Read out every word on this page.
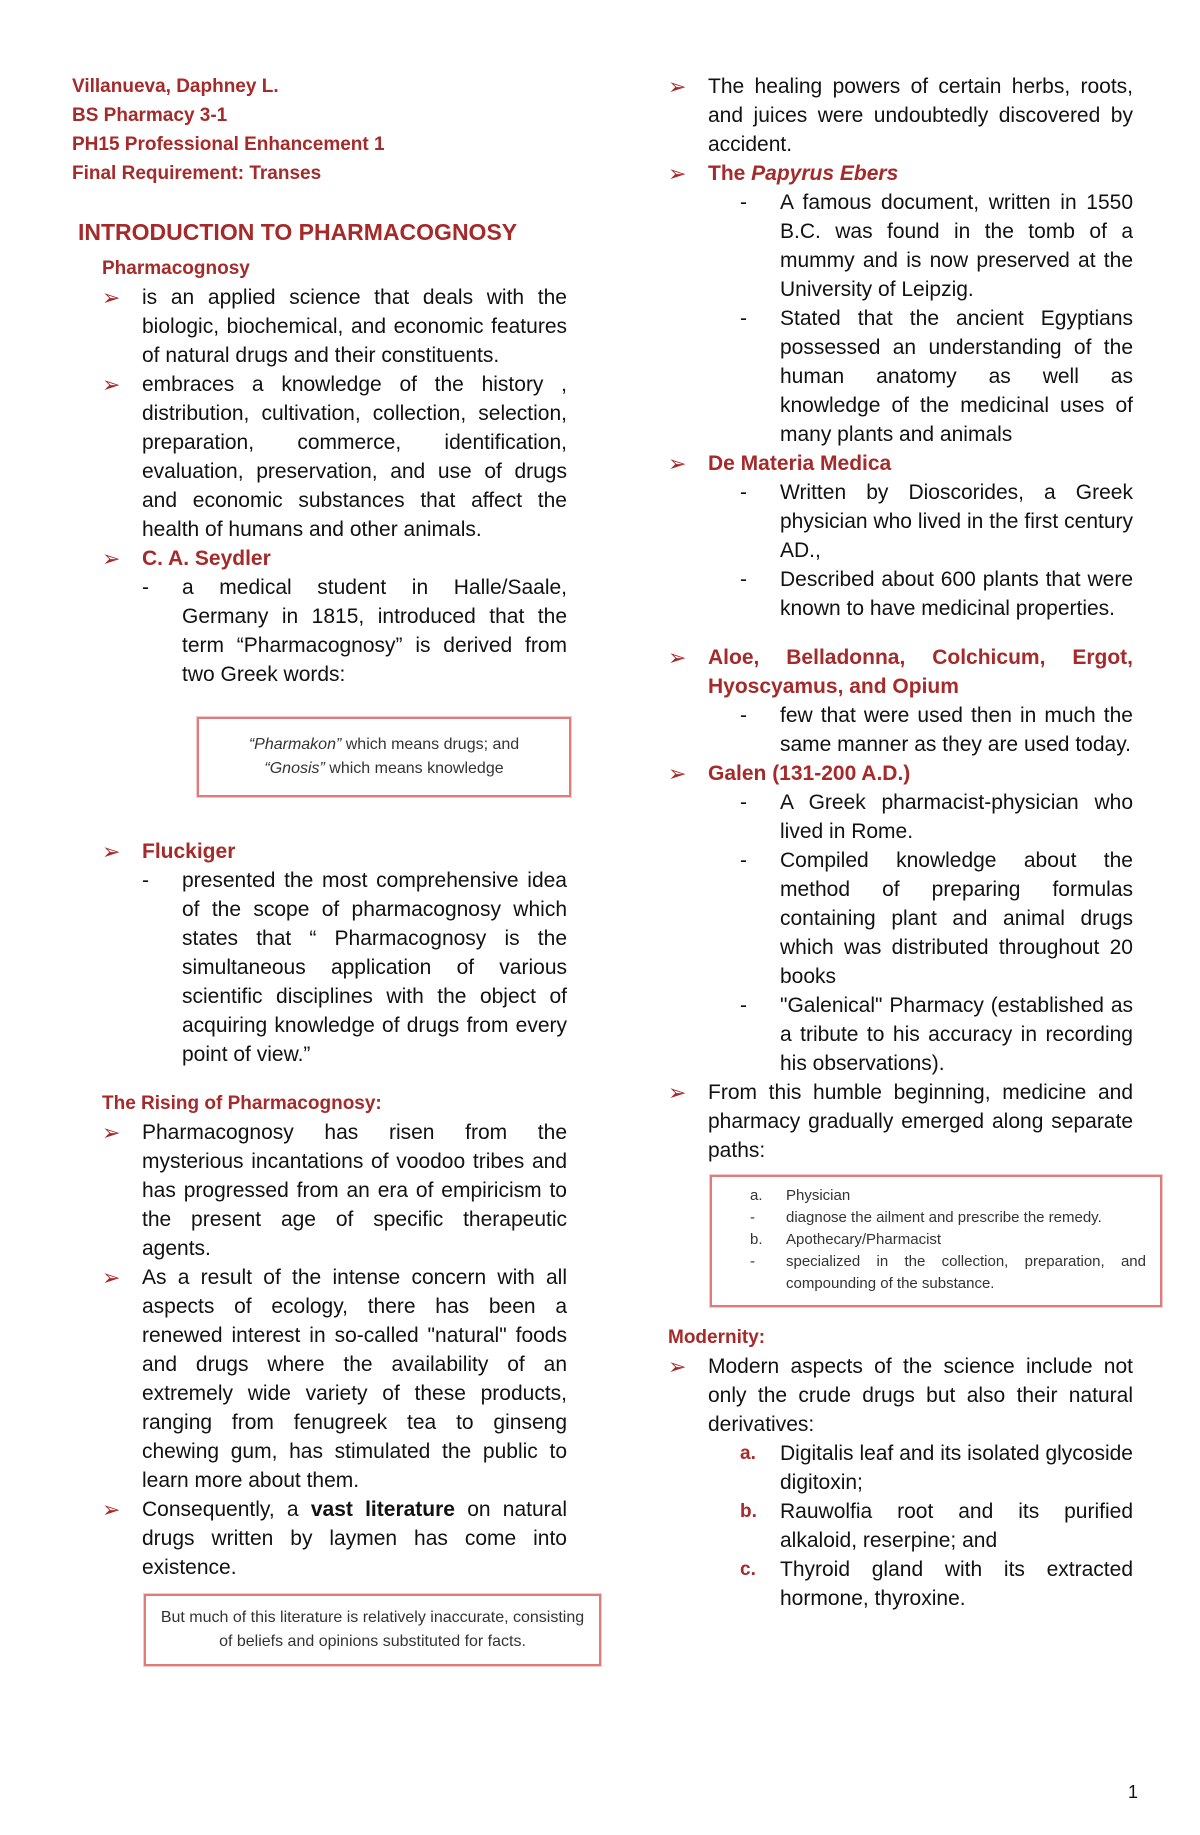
Villanueva, Daphney L.
BS Pharmacy 3-1
PH15 Professional Enhancement 1
Final Requirement: Transes
INTRODUCTION TO PHARMACOGNOSY
Pharmacognosy
➢ is an applied science that deals with the biologic, biochemical, and economic features of natural drugs and their constituents.
➢ embraces a knowledge of the history , distribution, cultivation, collection, selection, preparation, commerce, identification, evaluation, preservation, and use of drugs and economic substances that affect the health of humans and other animals.
➢ C. A. Seydler
- a medical student in Halle/Saale, Germany in 1815, introduced that the term “Pharmacognosy” is derived from two Greek words:
“Pharmakon” which means drugs; and
“Gnosis” which means knowledge
➢ Fluckiger
- presented the most comprehensive idea of the scope of pharmacognosy which states that “ Pharmacognosy is the simultaneous application of various scientific disciplines with the object of acquiring knowledge of drugs from every point of view.”
The Rising of Pharmacognosy:
➢ Pharmacognosy has risen from the mysterious incantations of voodoo tribes and has progressed from an era of empiricism to the present age of specific therapeutic agents.
➢ As a result of the intense concern with all aspects of ecology, there has been a renewed interest in so-called "natural" foods and drugs where the availability of an extremely wide variety of these products, ranging from fenugreek tea to ginseng chewing gum, has stimulated the public to learn more about them.
➢ Consequently, a vast literature on natural drugs written by laymen has come into existence.
But much of this literature is relatively inaccurate, consisting of beliefs and opinions substituted for facts.
➢ The healing powers of certain herbs, roots, and juices were undoubtedly discovered by accident.
➢ The Papyrus Ebers
- A famous document, written in 1550 B.C. was found in the tomb of a mummy and is now preserved at the University of Leipzig.
- Stated that the ancient Egyptians possessed an understanding of the human anatomy as well as knowledge of the medicinal uses of many plants and animals
➢ De Materia Medica
- Written by Dioscorides, a Greek physician who lived in the first century AD.,
- Described about 600 plants that were known to have medicinal properties.
➢ Aloe, Belladonna, Colchicum, Ergot, Hyoscyamus, and Opium
- few that were used then in much the same manner as they are used today.
➢ Galen (131-200 A.D.)
- A Greek pharmacist-physician who lived in Rome.
- Compiled knowledge about the method of preparing formulas containing plant and animal drugs which was distributed throughout 20 books
- "Galenical" Pharmacy (established as a tribute to his accuracy in recording his observations).
➢ From this humble beginning, medicine and pharmacy gradually emerged along separate paths:
a. Physician
- diagnose the ailment and prescribe the remedy.
b. Apothecary/Pharmacist
- specialized in the collection, preparation, and compounding of the substance.
Modernity:
➢ Modern aspects of the science include not only the crude drugs but also their natural derivatives:
a. Digitalis leaf and its isolated glycoside digitoxin;
b. Rauwolfia root and its purified alkaloid, reserpine; and
c. Thyroid gland with its extracted hormone, thyroxine.
1
